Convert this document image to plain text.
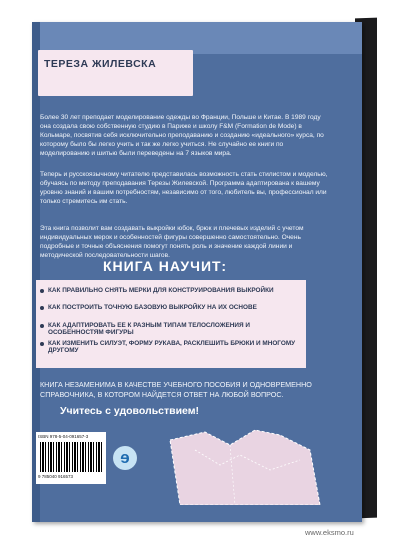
ТЕРЕЗА ЖИЛЕВСКА
Более 30 лет преподает моделирование одежды во Франции, Польше и Китае. В 1989 году она создала свою собственную студию в Париже и школу F&M (Formation de Mode) в Кольмаре, посвятив себя исключительно преподаванию и созданию «идеального» курса, по которому было бы легко учить и так же легко учиться. Не случайно ее книги по моделированию и шитью были переведены на 7 языков мира.
Теперь и русскоязычному читателю представилась возможность стать стилистом и моделью, обучаясь по методу преподавания Терезы Жилевской. Программа адаптирована к вашему уровню знаний и вашим потребностям, независимо от того, любитель вы, профессионал или только стремитесь им стать.
Эта книга позволит вам создавать выкройки юбок, брюк и плечевых изделий с учетом индивидуальных мерок и особенностей фигуры совершенно самостоятельно. Очень подробные и точные объяснения помогут понять роль и значение каждой линии и методической последовательности шагов.
КНИГА НАУЧИТ:
КАК ПРАВИЛЬНО СНЯТЬ МЕРКИ ДЛЯ КОНСТРУИРОВАНИЯ ВЫКРОЙКИ
КАК ПОСТРОИТЬ ТОЧНУЮ БАЗОВУЮ ВЫКРОЙКУ НА ИХ ОСНОВЕ
КАК АДАПТИРОВАТЬ ЕЕ К РАЗНЫМ ТИПАМ ТЕЛОСЛОЖЕНИЯ И ОСОБЕННОСТЯМ ФИГУРЫ
КАК ИЗМЕНИТЬ СИЛУЭТ, ФОРМУ РУКАВА, РАСКЛЕШИТЬ БРЮКИ И МНОГОМУ ДРУГОМУ
КНИГА НЕЗАМЕНИМА В КАЧЕСТВЕ УЧЕБНОГО ПОСОБИЯ И ОДНОВРЕМЕННО СПРАВОЧНИКА, В КОТОРОМ НАЙДЕТСЯ ОТВЕТ НА ЛЮБОЙ ВОПРОС.
Учитесь с удовольствием!
ISBN 978-5-04-091657-3
9 785040 916573
ɘ
www.eksmo.ru
